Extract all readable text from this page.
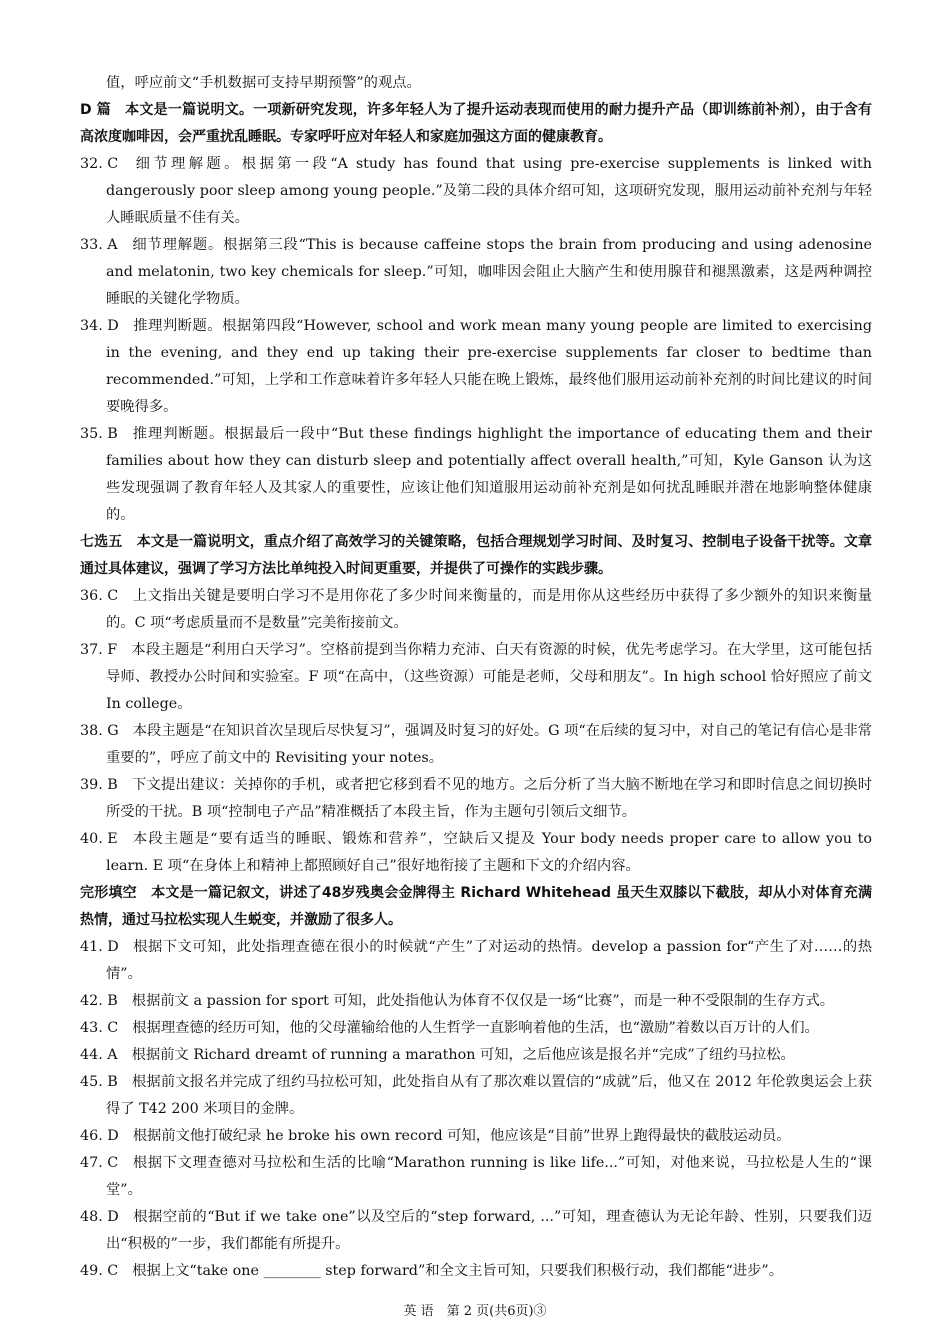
值，呼应前文“手机数据可支持早期预警”的观点。

D 篇　本文是一篇说明文。一项新研究发现，许多年轻人为了提升运动表现而使用的耐力提升产品（即训练前补剂），由于含有高浓度咖啡因，会严重扰乱睡眠。专家呼吁应对年轻人和家庭加强这方面的健康教育。

32. C 细节理解题。根据第一段“A study has found that using pre-exercise supplements is linked with dangerously poor sleep among young people.”及第二段的具体介绍可知，这项研究发现，服用运动前补充剂与年轻人睡眠质量不佳有关。

33. A 细节理解题。根据第三段“This is because caffeine stops the brain from producing and using adenosine and melatonin, two key chemicals for sleep.”可知，咖啡因会阻止大脑产生和使用腺苷和褪黑激素，这是两种调控睡眠的关键化学物质。

34. D 推理判断题。根据第四段“However, school and work mean many young people are limited to exercising in the evening, and they end up taking their pre-exercise supplements far closer to bedtime than recommended.”可知，上学和工作意味着许多年轻人只能在晚上锻炼，最终他们服用运动前补充剂的时间比建议的时间要晚得多。

35. B 推理判断题。根据最后一段中“But these findings highlight the importance of educating them and their families about how they can disturb sleep and potentially affect overall health,”可知，Kyle Ganson 认为这些发现强调了教育年轻人及其家人的重要性，应该让他们知道服用运动前补充剂是如何扰乱睡眠并潜在地影响整体健康的。

七选五　本文是一篇说明文，重点介绍了高效学习的关键策略，包括合理规划学习时间、及时复习、控制电子设备干扰等。文章通过具体建议，强调了学习方法比单纯投入时间更重要，并提供了可操作的实践步骤。

36. C 上文指出关键是要明白学习不是用你花了多少时间来衡量的，而是用你从这些经历中获得了多少额外的知识来衡量的。C 项“考虑质量而不是数量”完美衔接前文。

37. F 本段主题是“利用白天学习”。空格前提到当你精力充沛、白天有资源的时候，优先考虑学习。在大学里，这可能包括导师、教授办公时间和实验室。F 项“在高中，（这些资源）可能是老师，父母和朋友”。In high school 恰好照应了前文 In college。

38. G 本段主题是“在知识首次呈现后尽快复习”，强调及时复习的好处。G 项“在后续的复习中，对自己的笔记有信心是非常重要的”，呼应了前文中的 Revisiting your notes。

39. B 下文提出建议：关掉你的手机，或者把它移到看不见的地方。之后分析了当大脑不断地在学习和即时信息之间切换时所受的干扰。B 项“控制电子产品”精准概括了本段主旨，作为主题句引领后文细节。

40. E 本段主题是“要有适当的睡眠、锻炼和营养”，空缺后又提及 Your body needs proper care to allow you to learn. E 项“在身体上和精神上都照顾好自己”很好地衔接了主题和下文的介绍内容。

完形填空　本文是一篇记叙文，讲述了48岁残奥会金牌得主 Richard Whitehead 虽天生双膝以下截肢，却从小对体育充满热情，通过马拉松实现人生蜕变，并激励了很多人。

41. D 根据下文可知，此处指理查德在很小的时候就“产生”了对运动的热情。develop a passion for“产生了对……的热情”。

42. B 根据前文 a passion for sport 可知，此处指他认为体育不仅仅是一场“比赛”，而是一种不受限制的生存方式。

43. C 根据理查德的经历可知，他的父母灌输给他的人生哲学一直影响着他的生活，也“激励”着数以百万计的人们。

44. A 根据前文 Richard dreamt of running a marathon 可知，之后他应该是报名并“完成”了纽约马拉松。

45. B 根据前文报名并完成了纽约马拉松可知，此处指自从有了那次难以置信的“成就”后，他又在 2012 年伦敦奥运会上获得了 T42 200 米项目的金牌。

46. D 根据前文他打破纪录 he broke his own record 可知，他应该是“目前”世界上跑得最快的截肢运动员。

47. C 根据下文理查德对马拉松和生活的比喻“Marathon running is like life...”可知，对他来说，马拉松是人生的“课堂”。

48. D 根据空前的“But if we take one”以及空后的“step forward, ...”可知，理查德认为无论年龄、性别，只要我们迈出“积极的”一步，我们都能有所提升。

49. C 根据上文“take one ________ step forward”和全文主旨可知，只要我们积极行动，我们都能“进步”。

英 语　第 2 页(共6页)③
